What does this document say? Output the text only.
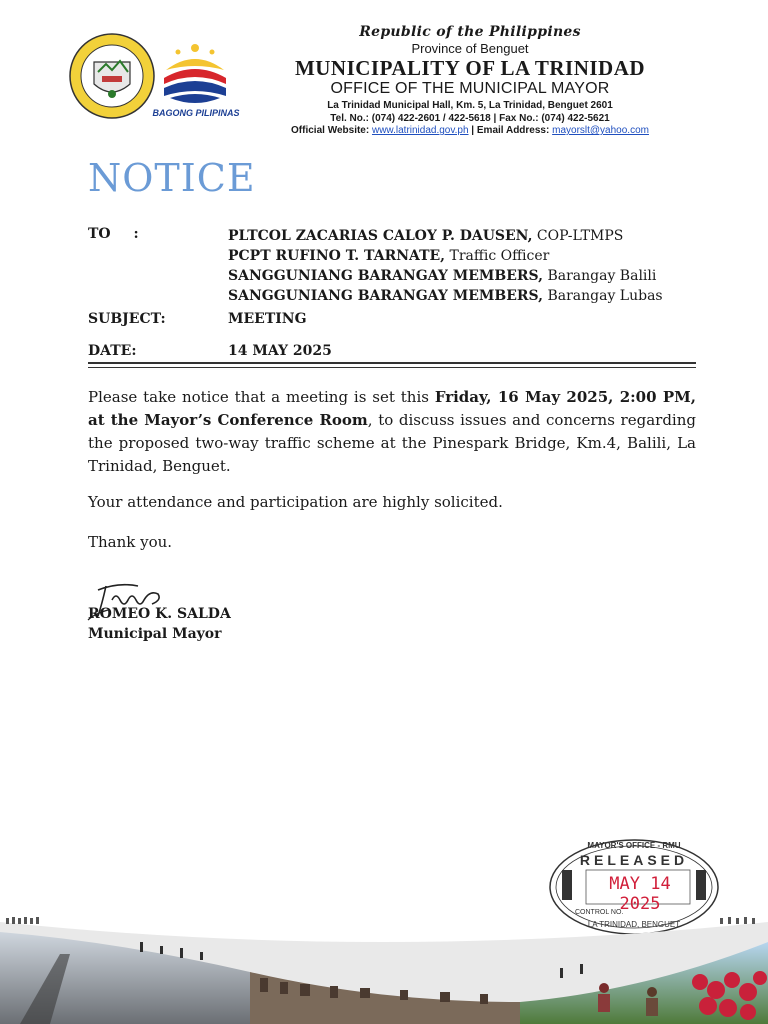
BAGONG PILIPINAS
Republic of the Philippines
Province of Benguet
MUNICIPALITY OF LA TRINIDAD
OFFICE OF THE MUNICIPAL MAYOR
La Trinidad Municipal Hall, Km. 5, La Trinidad, Benguet 2601
Tel. No.: (074) 422-2601 / 422-5618 | Fax No.: (074) 422-5621
Official Website: www.latrinidad.gov.ph | Email Address: mayorslt@yahoo.com
NOTICE
TO :	PLTCOL ZACARIAS CALOY P. DAUSEN, COP-LTMPS
PCPT RUFINO T. TARNATE, Traffic Officer
SANGGUNIANG BARANGAY MEMBERS, Barangay Balili
SANGGUNIANG BARANGAY MEMBERS, Barangay Lubas
SUBJECT:	MEETING
DATE:	14 MAY 2025
Please take notice that a meeting is set this Friday, 16 May 2025, 2:00 PM, at the Mayor’s Conference Room, to discuss issues and concerns regarding the proposed two-way traffic scheme at the Pinespark Bridge, Km.4, Balili, La Trinidad, Benguet.
Your attendance and participation are highly solicited.
Thank you.
ROMEO K. SALDA
Municipal Mayor
MAYOR'S OFFICE - RMU
RELEASED
MAY 14 2025
CONTROL NO.
LA TRINIDAD, BENGUET
